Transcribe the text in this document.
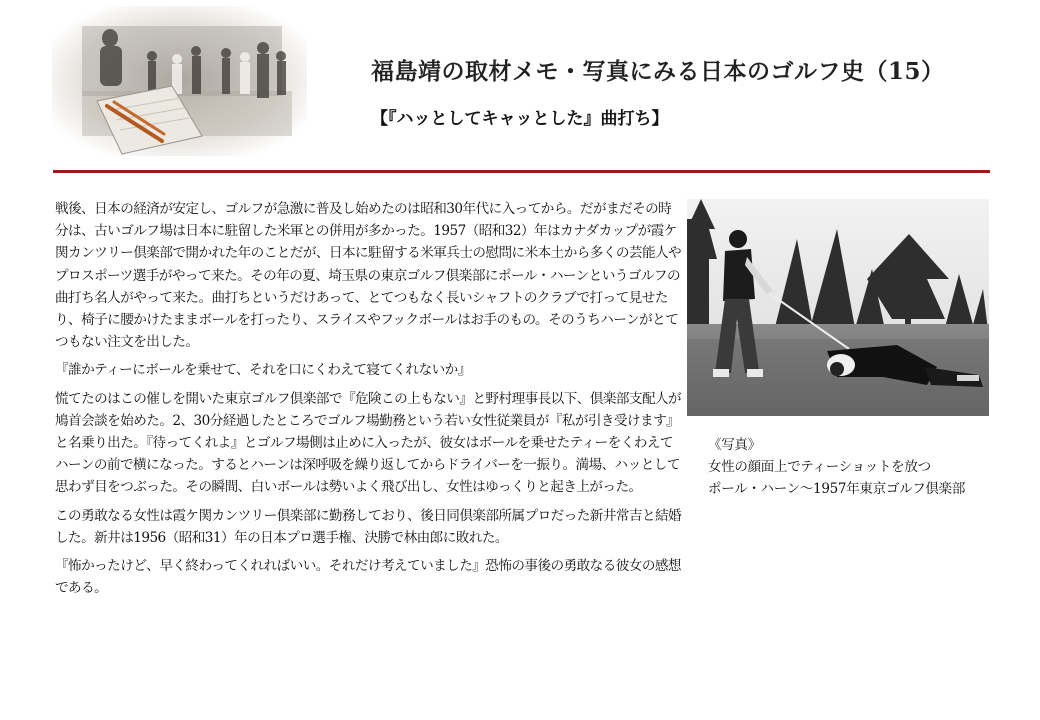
福島靖の取材メモ・写真にみる日本のゴルフ史（15）
【『ハッとしてキャッとした』曲打ち】

戦後、日本の経済が安定し、ゴルフが急激に普及し始めたのは昭和30年代に入ってから。だがまだその時分は、古いゴルフ場は日本に駐留した米軍との併用が多かった。1957（昭和32）年はカナダカップが霞ケ関カンツリー倶楽部で開かれた年のことだが、日本に駐留する米軍兵士の慰問に米本土から多くの芸能人やプロスポーツ選手がやって来た。その年の夏、埼玉県の東京ゴルフ倶楽部にポール・ハーンというゴルフの曲打ち名人がやって来た。曲打ちというだけあって、とてつもなく長いシャフトのクラブで打って見せたり、椅子に腰かけたままボールを打ったり、スライスやフックボールはお手のもの。そのうちハーンがとてつもない注文を出した。

『誰かティーにボールを乗せて、それを口にくわえて寝てくれないか』

慌てたのはこの催しを開いた東京ゴルフ倶楽部で『危険この上もない』と野村理事長以下、倶楽部支配人が鳩首会談を始めた。2、30分経過したところでゴルフ場勤務という若い女性従業員が『私が引き受けます』と名乗り出た。『待ってくれよ』とゴルフ場側は止めに入ったが、彼女はボールを乗せたティーをくわえてハーンの前で横になった。するとハーンは深呼吸を繰り返してからドライバーを一振り。満場、ハッとして思わず目をつぶった。その瞬間、白いボールは勢いよく飛び出し、女性はゆっくりと起き上がった。

この勇敢なる女性は霞ケ関カンツリー倶楽部に勤務しており、後日同倶楽部所属プロだった新井常吉と結婚した。新井は1956（昭和31）年の日本プロ選手権、決勝で林由郎に敗れた。

『怖かったけど、早く終わってくれればいい。それだけ考えていました』恐怖の事後の勇敢なる彼女の感想である。

《写真》
女性の顔面上でティーショットを放つ
ポール・ハーン～1957年東京ゴルフ倶楽部
